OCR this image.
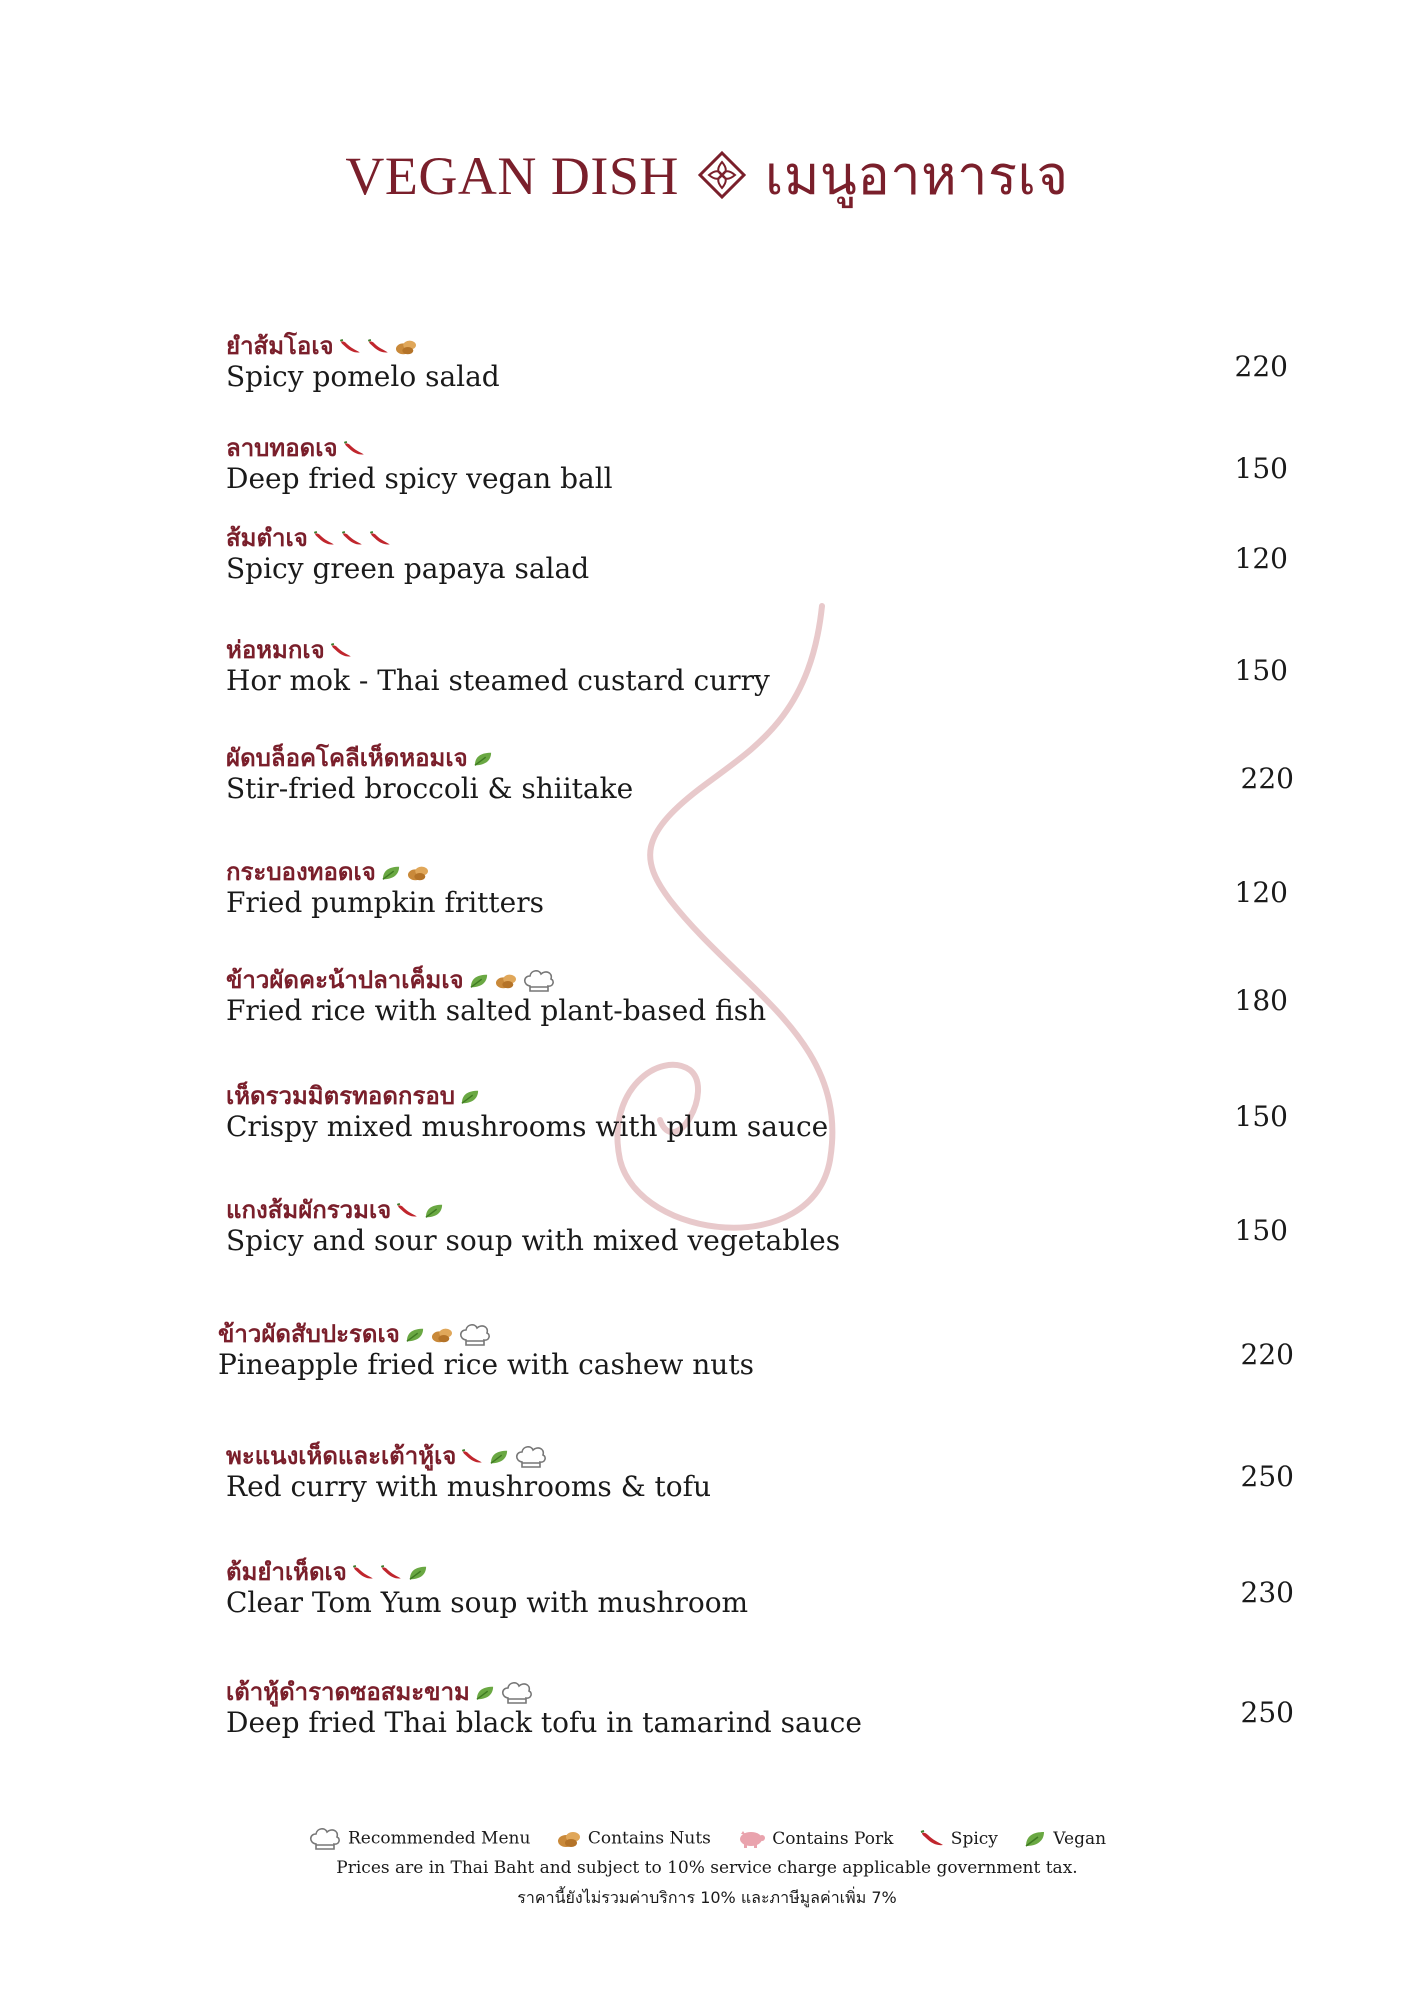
VEGAN DISH เมนูอาหารเจ
ยำส้มโอเจ
Spicy pomelo salad	220
ลาบทอดเจ
Deep fried spicy vegan ball	150
ส้มตำเจ
Spicy green papaya salad	120
ห่อหมกเจ
Hor mok - Thai steamed custard curry	150
ผัดบล็อคโคลีเห็ดหอมเจ
Stir-fried broccoli & shiitake	220
กระบองทอดเจ
Fried pumpkin fritters	120
ข้าวผัดคะน้าปลาเค็มเจ
Fried rice with salted plant-based fish	180
เห็ดรวมมิตรทอดกรอบ
Crispy mixed mushrooms with plum sauce	150
แกงส้มผักรวมเจ
Spicy and sour soup with mixed vegetables	150
ข้าวผัดสับปะรดเจ
Pineapple fried rice with cashew nuts	220
พะแนงเห็ดและเต้าหู้เจ
Red curry with mushrooms & tofu	250
ต้มยำเห็ดเจ
Clear Tom Yum soup with mushroom	230
เต้าหู้ดำราดซอสมะขาม
Deep fried Thai black tofu in tamarind sauce	250
Recommended Menu	Contains Nuts	Contains Pork	Spicy	Vegan
Prices are in Thai Baht and subject to 10% service charge applicable government tax.
ราคานี้ยังไม่รวมค่าบริการ 10% และภาษีมูลค่าเพิ่ม 7%
